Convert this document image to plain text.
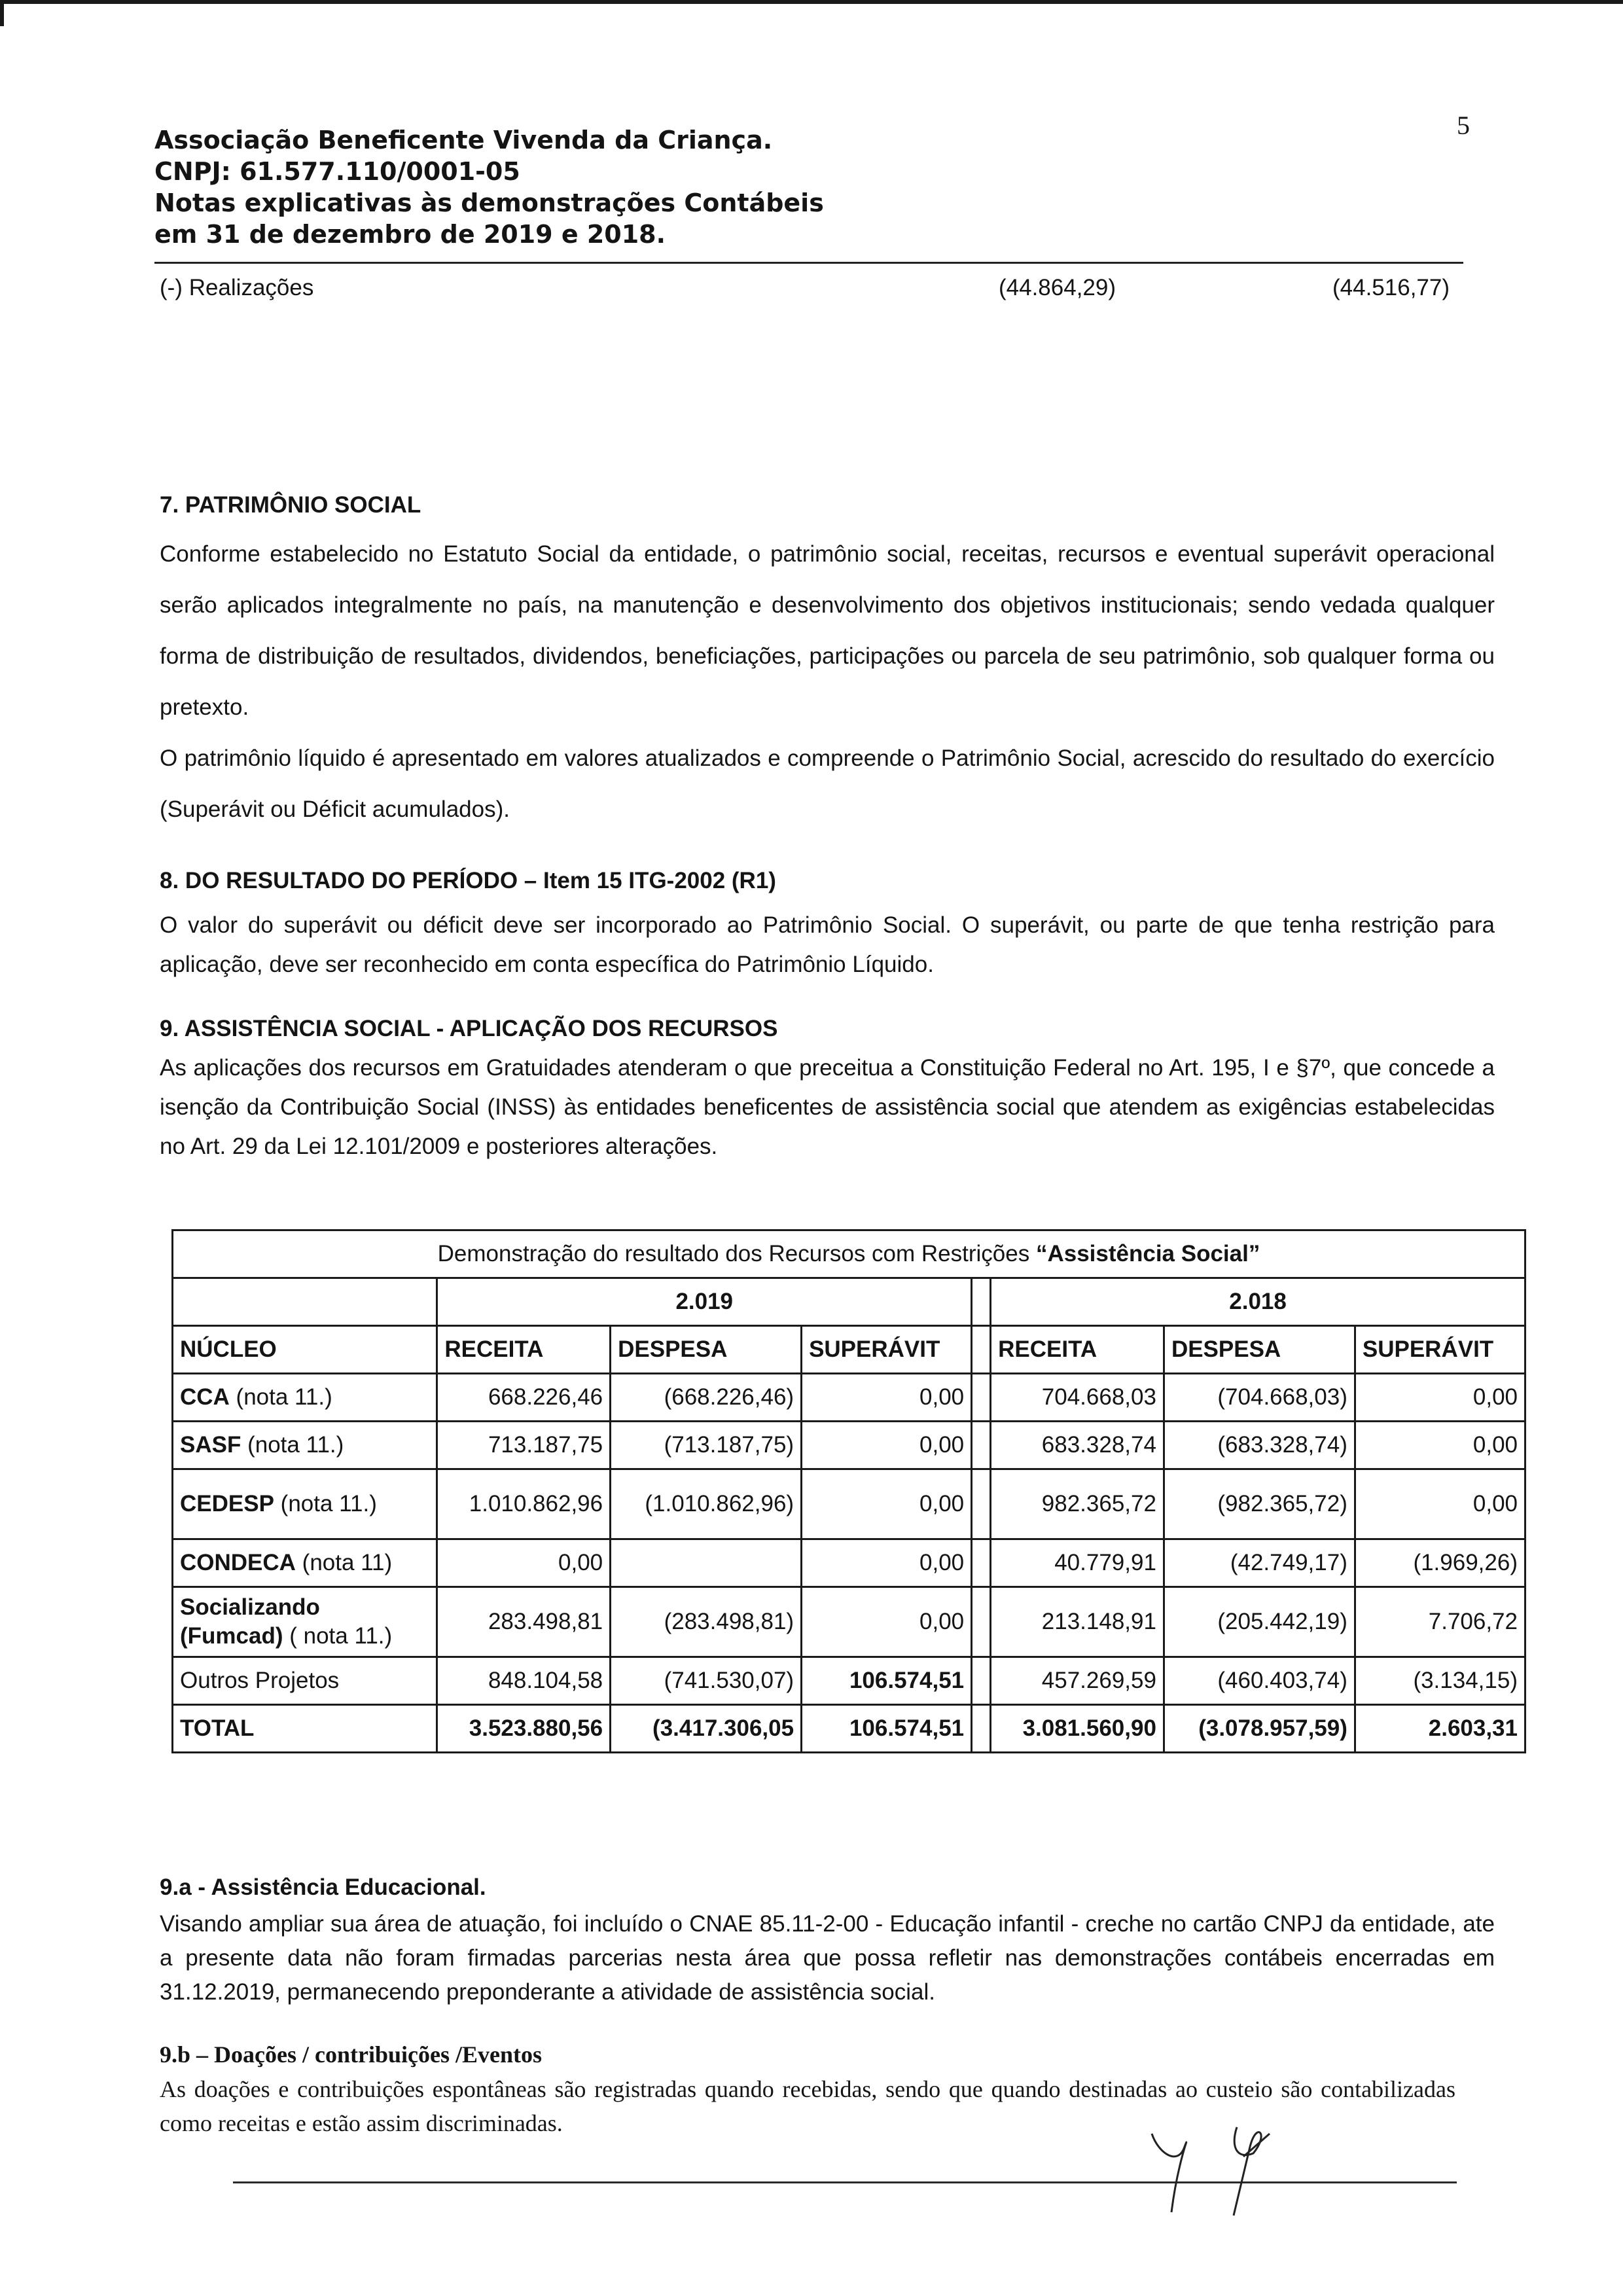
5
Associação Beneficente Vivenda da Criança.
CNPJ: 61.577.110/0001-05
Notas explicativas às demonstrações Contábeis
em 31 de dezembro de 2019 e 2018.
(-) Realizações	(44.864,29)	(44.516,77)
7. PATRIMÔNIO SOCIAL
Conforme estabelecido no Estatuto Social da entidade, o patrimônio social, receitas, recursos e eventual superávit operacional serão aplicados integralmente no país, na manutenção e desenvolvimento dos objetivos institucionais; sendo vedada qualquer forma de distribuição de resultados, dividendos, beneficiações, participações ou parcela de seu patrimônio, sob qualquer forma ou pretexto.
O patrimônio líquido é apresentado em valores atualizados e compreende o Patrimônio Social, acrescido do resultado do exercício (Superávit ou Déficit acumulados).
8. DO RESULTADO DO PERÍODO – Item 15 ITG-2002 (R1)
O valor do superávit ou déficit deve ser incorporado ao Patrimônio Social. O superávit, ou parte de que tenha restrição para aplicação, deve ser reconhecido em conta específica do Patrimônio Líquido.
9. ASSISTÊNCIA SOCIAL - APLICAÇÃO DOS RECURSOS
As aplicações dos recursos em Gratuidades atenderam o que preceitua a Constituição Federal no Art. 195, I e §7º, que concede a isenção da Contribuição Social (INSS) às entidades beneficentes de assistência social que atendem as exigências estabelecidas no Art. 29 da Lei 12.101/2009 e posteriores alterações.
Demonstração do resultado dos Recursos com Restrições “Assistência Social”							
	2.019				2.018		
NÚCLEO	RECEITA	DESPESA	SUPERÁVIT		RECEITA	DESPESA	SUPERÁVIT
CCA (nota 11.)	668.226,46	(668.226,46)	0,00		704.668,03	(704.668,03)	0,00
SASF (nota 11.)	713.187,75	(713.187,75)	0,00		683.328,74	(683.328,74)	0,00
CEDESP (nota 11.)	1.010.862,96	(1.010.862,96)	0,00		982.365,72	(982.365,72)	0,00
CONDECA (nota 11)	0,00		0,00		40.779,91	(42.749,17)	(1.969,26)
Socializando
(Fumcad) ( nota 11.)	283.498,81	(283.498,81)	0,00		213.148,91	(205.442,19)	7.706,72
Outros Projetos	848.104,58	(741.530,07)	106.574,51		457.269,59	(460.403,74)	(3.134,15)
TOTAL	3.523.880,56	(3.417.306,05	106.574,51		3.081.560,90	(3.078.957,59)	2.603,31
9.a - Assistência Educacional.
Visando ampliar sua área de atuação, foi incluído o CNAE 85.11-2-00 - Educação infantil - creche no cartão CNPJ da entidade, ate a presente data não foram firmadas parcerias nesta área que possa refletir nas demonstrações contábeis encerradas em 31.12.2019, permanecendo preponderante a atividade de assistência social.
9.b – Doações / contribuições /Eventos
As doações e contribuições espontâneas são registradas quando recebidas, sendo que quando destinadas ao custeio são contabilizadas como receitas e estão assim discriminadas.
